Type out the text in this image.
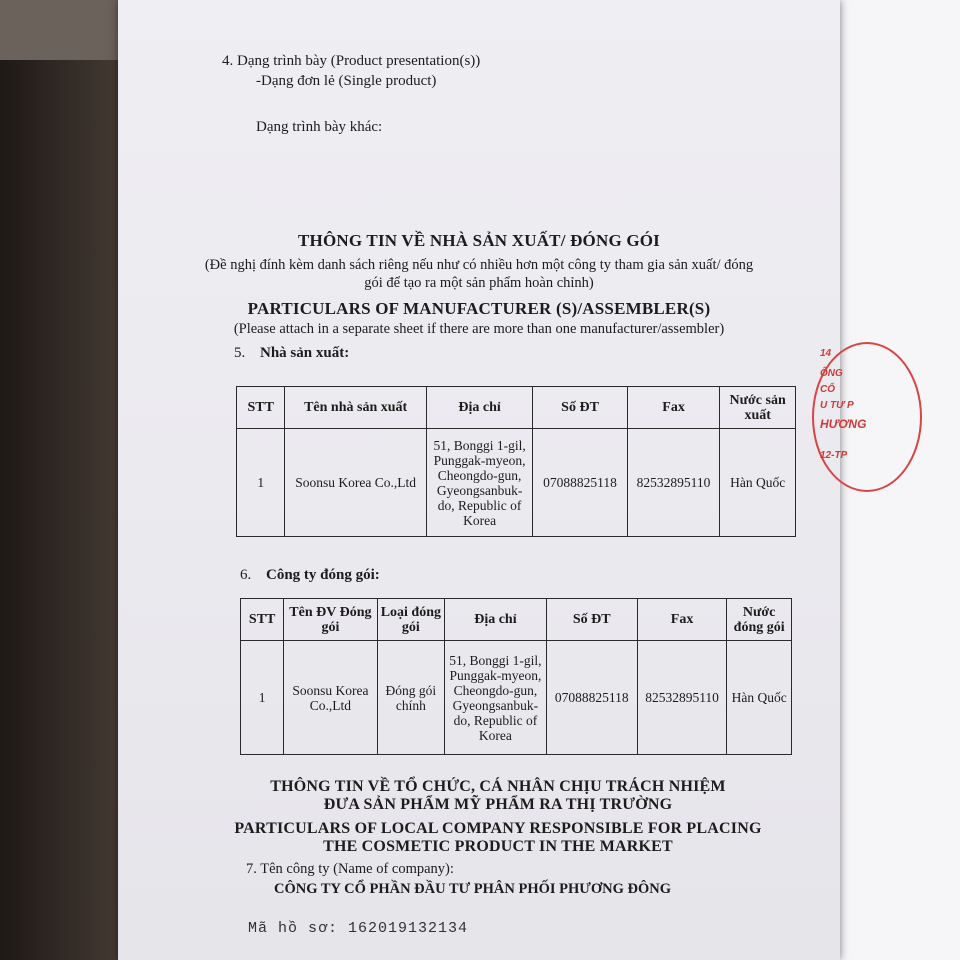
4. Dạng trình bày (Product presentation(s))
-Dạng đơn lẻ (Single product)
Dạng trình bày khác:
THÔNG TIN VỀ NHÀ SẢN XUẤT/ ĐÓNG GÓI
(Đề nghị đính kèm danh sách riêng nếu như có nhiều hơn một công ty tham gia sản xuất/ đóng
gói để tạo ra một sản phẩm hoàn chỉnh)
PARTICULARS OF MANUFACTURER (S)/ASSEMBLER(S)
(Please attach in a separate sheet if there are more than one manufacturer/assembler)
5. Nhà sản xuất:
STT	Tên nhà sản xuất	Địa chỉ	Số ĐT	Fax	Nước sản xuất
1	Soonsu Korea Co.,Ltd	51, Bonggi 1-gil, Punggak-myeon, Cheongdo-gun, Gyeongsanbuk-do, Republic of Korea	07088825118	82532895110	Hàn Quốc
6. Công ty đóng gói:
STT	Tên ĐV Đóng gói	Loại đóng gói	Địa chỉ	Số ĐT	Fax	Nước đóng gói
1	Soonsu Korea Co.,Ltd	Đóng gói chính	51, Bonggi 1-gil, Punggak-myeon, Cheongdo-gun, Gyeongsanbuk-do, Republic of Korea	07088825118	82532895110	Hàn Quốc
THÔNG TIN VỀ TỔ CHỨC, CÁ NHÂN CHỊU TRÁCH NHIỆM
ĐƯA SẢN PHẨM MỸ PHẨM RA THỊ TRƯỜNG
PARTICULARS OF LOCAL COMPANY RESPONSIBLE FOR PLACING
THE COSMETIC PRODUCT IN THE MARKET
7. Tên công ty (Name of company):
CÔNG TY CỔ PHẦN ĐẦU TƯ PHÂN PHỐI PHƯƠNG ĐÔNG
Mã hồ sơ: 162019132134
14
ÔNG
CỔ
U TƯ P
HƯƠNG
12-TP
